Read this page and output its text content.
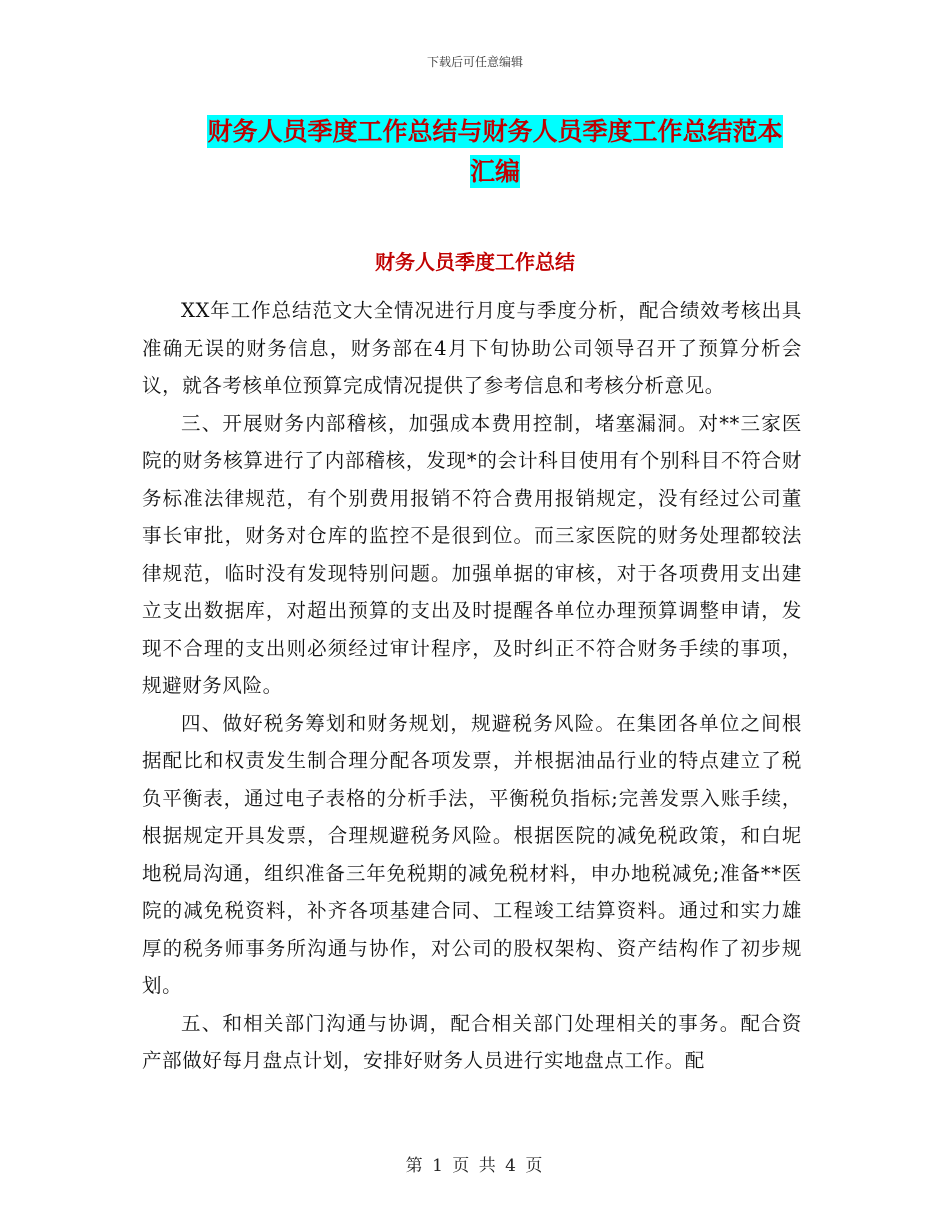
下载后可任意编辑
财务人员季度工作总结与财务人员季度工作总结范本
汇编
财务人员季度工作总结

XX年工作总结范文大全情况进行月度与季度分析，配合绩效考核出具准确无误的财务信息，财务部在4月下旬协助公司领导召开了预算分析会议，就各考核单位预算完成情况提供了参考信息和考核分析意见。

三、开展财务内部稽核，加强成本费用控制，堵塞漏洞。对**三家医院的财务核算进行了内部稽核，发现*的会计科目使用有个别科目不符合财务标准法律规范，有个别费用报销不符合费用报销规定，没有经过公司董事长审批，财务对仓库的监控不是很到位。而三家医院的财务处理都较法律规范，临时没有发现特别问题。加强单据的审核，对于各项费用支出建立支出数据库，对超出预算的支出及时提醒各单位办理预算调整申请，发现不合理的支出则必须经过审计程序，及时纠正不符合财务手续的事项，规避财务风险。

四、做好税务筹划和财务规划，规避税务风险。在集团各单位之间根据配比和权责发生制合理分配各项发票，并根据油品行业的特点建立了税负平衡表，通过电子表格的分析手法，平衡税负指标;完善发票入账手续，根据规定开具发票，合理规避税务风险。根据医院的减免税政策，和白坭地税局沟通，组织准备三年免税期的减免税材料，申办地税减免;准备**医院的减免税资料，补齐各项基建合同、工程竣工结算资料。通过和实力雄厚的税务师事务所沟通与协作，对公司的股权架构、资产结构作了初步规划。

五、和相关部门沟通与协调，配合相关部门处理相关的事务。配合资产部做好每月盘点计划，安排好财务人员进行实地盘点工作。配

第 1 页 共 4 页
